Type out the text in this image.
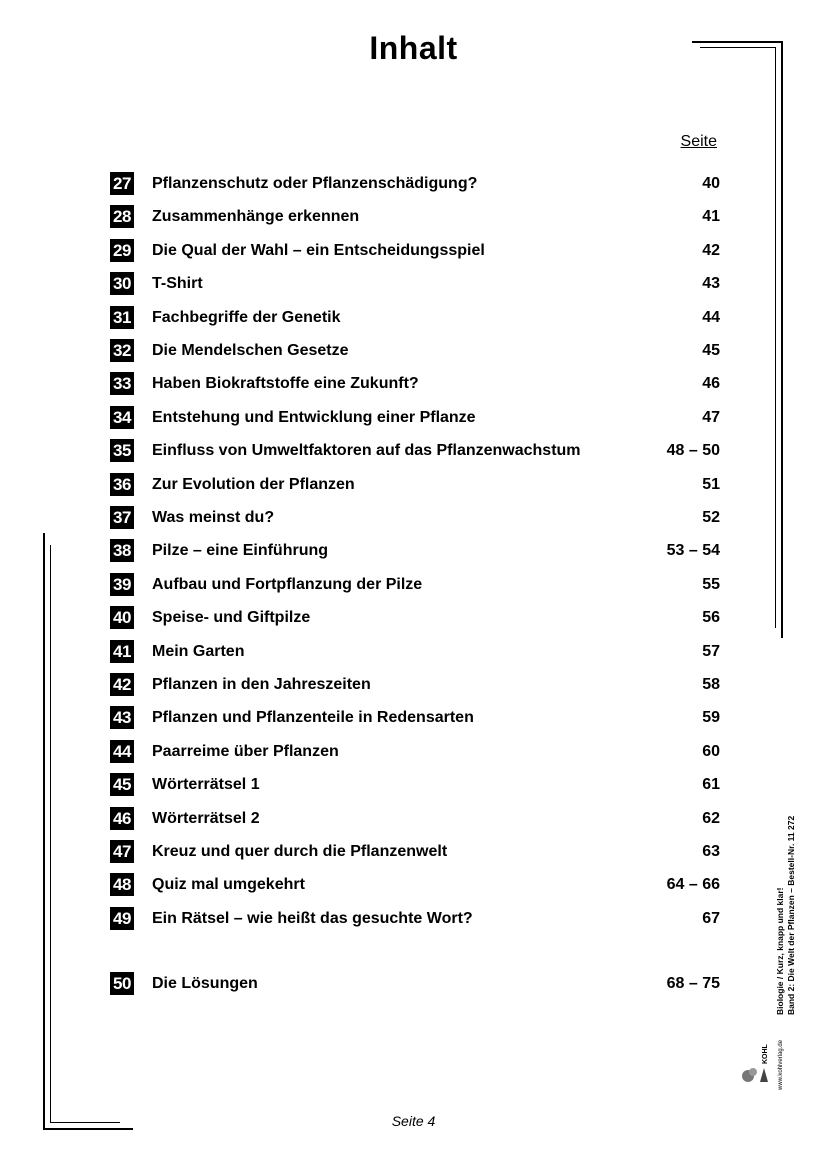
Inhalt
Seite
27 Pflanzenschutz oder Pflanzenschädigung?	40
28 Zusammenhänge erkennen	41
29 Die Qual der Wahl – ein Entscheidungsspiel	42
30 T-Shirt	43
31 Fachbegriffe der Genetik	44
32 Die Mendelschen Gesetze	45
33 Haben Biokraftstoffe eine Zukunft?	46
34 Entstehung und Entwicklung einer Pflanze	47
35 Einfluss von Umweltfaktoren auf das Pflanzenwachstum	48 – 50
36 Zur Evolution der Pflanzen	51
37 Was meinst du?	52
38 Pilze – eine Einführung	53 – 54
39 Aufbau und Fortpflanzung der Pilze	55
40 Speise- und Giftpilze	56
41 Mein Garten	57
42 Pflanzen in den Jahreszeiten	58
43 Pflanzen und Pflanzenteile in Redensarten	59
44 Paarreime über Pflanzen	60
45 Wörterrätsel 1	61
46 Wörterrätsel 2	62
47 Kreuz und quer durch die Pflanzenwelt	63
48 Quiz mal umgekehrt	64 – 66
49 Ein Rätsel – wie heißt das gesuchte Wort?	67
50 Die Lösungen	68 – 75
Seite 4
Biologie / Kurz, knapp und klar! Band 2: Die Welt der Pflanzen – Bestell-Nr. 11 272
KOHL www.kohlverlag.de
